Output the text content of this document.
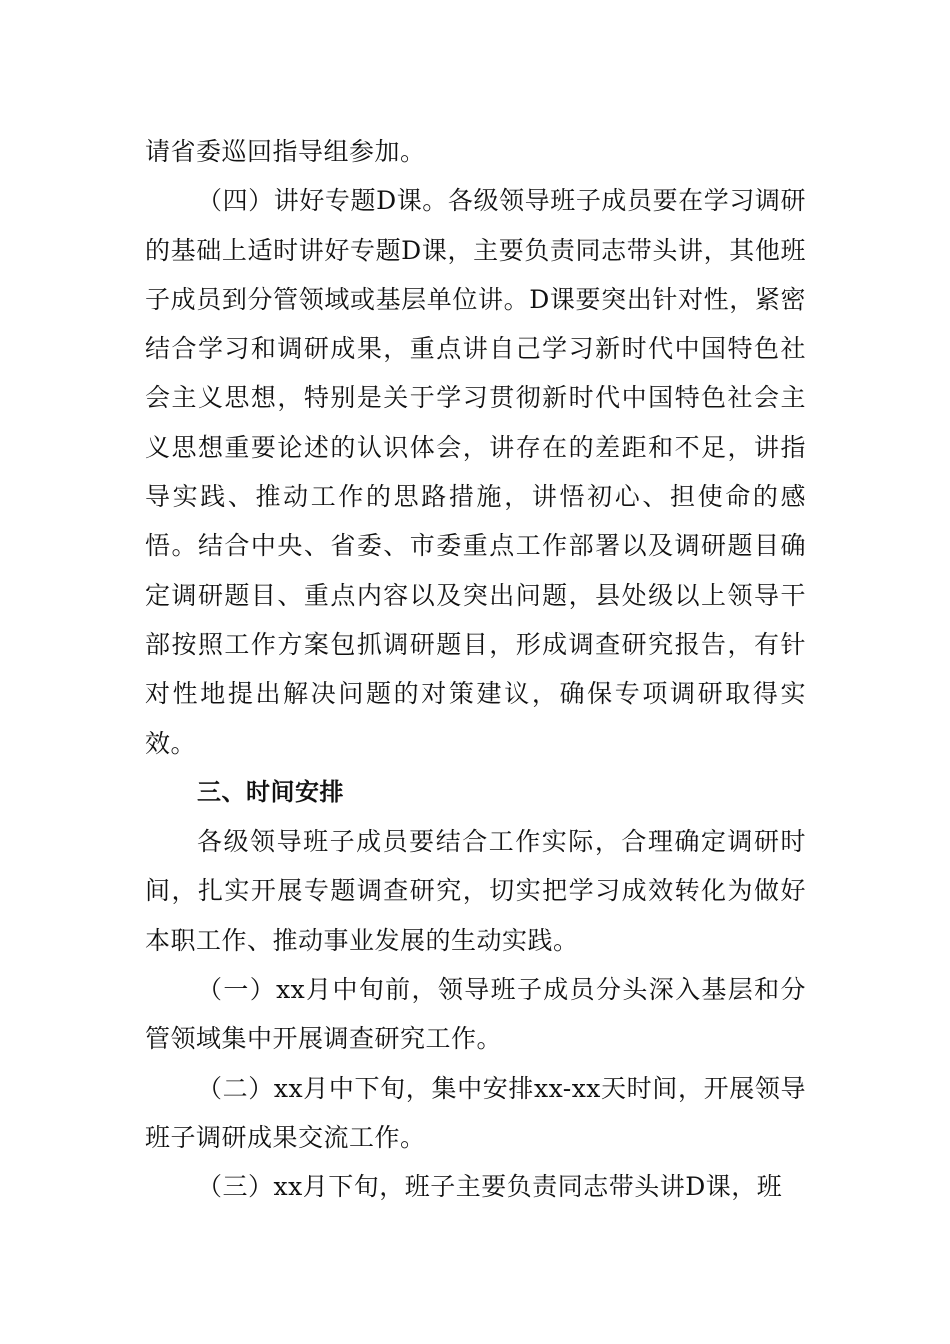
请省委巡回指导组参加。

（四）讲好专题D课。各级领导班子成员要在学习调研的基础上适时讲好专题D课，主要负责同志带头讲，其他班子成员到分管领域或基层单位讲。D课要突出针对性，紧密结合学习和调研成果，重点讲自己学习新时代中国特色社会主义思想，特别是关于学习贯彻新时代中国特色社会主义思想重要论述的认识体会，讲存在的差距和不足，讲指导实践、推动工作的思路措施，讲悟初心、担使命的感悟。结合中央、省委、市委重点工作部署以及调研题目确定调研题目、重点内容以及突出问题，县处级以上领导干部按照工作方案包抓调研题目，形成调查研究报告，有针对性地提出解决问题的对策建议，确保专项调研取得实效。

三、时间安排

各级领导班子成员要结合工作实际，合理确定调研时间，扎实开展专题调查研究，切实把学习成效转化为做好本职工作、推动事业发展的生动实践。

（一）xx月中旬前，领导班子成员分头深入基层和分管领域集中开展调查研究工作。

（二）xx月中下旬，集中安排xx-xx天时间，开展领导班子调研成果交流工作。

（三）xx月下旬，班子主要负责同志带头讲D课，班
